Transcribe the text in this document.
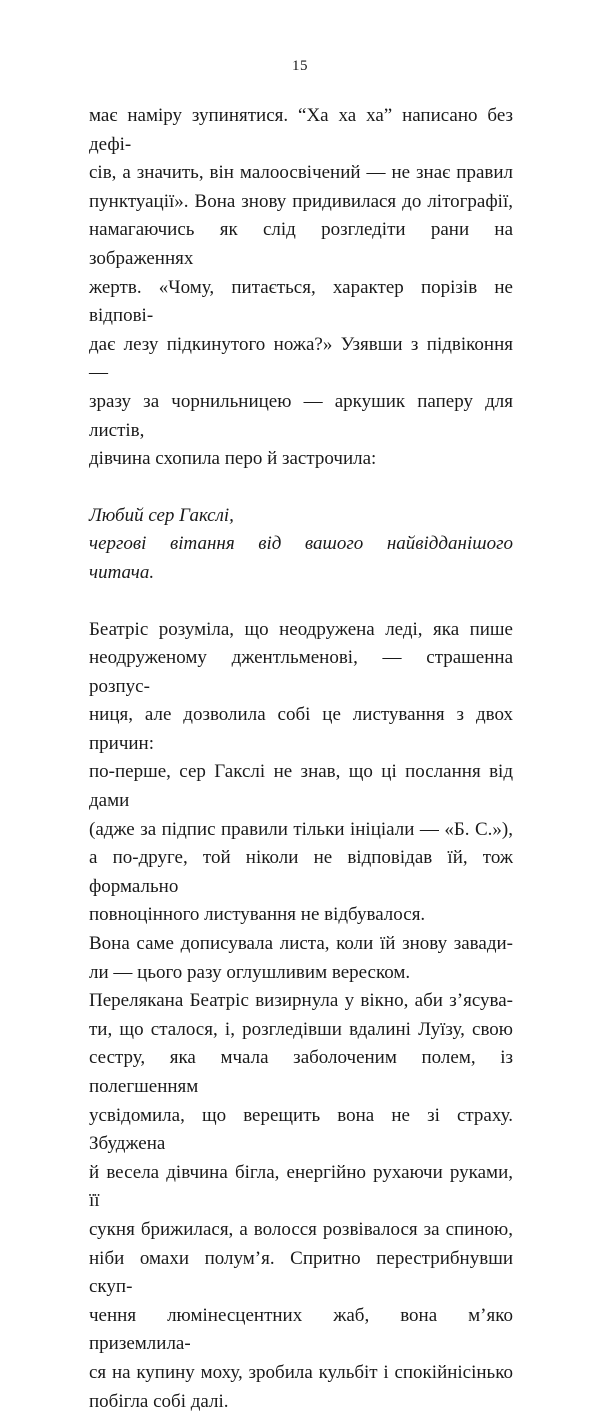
15
має наміру зупинятися. “Ха ха ха” написано без дефі-
сів, а значить, він малоосвічений — не знає правил
пунктуації». Вона знову придивилася до літографії,
намагаючись як слід розгледіти рани на зображеннях
жертв. «Чому, питається, характер порізів не відпові-
дає лезу підкинутого ножа?» Узявши з підвіконня —
зразу за чорнильницею — аркушик паперу для листів,
дівчина схопила перо й застрочила:
Любий сер Гакслі,
чергові вітання від вашого найвідданішого
читача.
Беатріс розуміла, що неодружена леді, яка пише
неодруженому джентльменові, — страшенна розпус-
ниця, але дозволила собі це листування з двох причин:
по-перше, сер Гакслі не знав, що ці послання від дами
(адже за підпис правили тільки ініціали — «Б. С.»),
а по-друге, той ніколи не відповідав їй, тож формально
повноцінного листування не відбувалося.
Вона саме дописувала листа, коли їй знову завади-
ли — цього разу оглушливим вереском.
Перелякана Беатріс визирнула у вікно, аби з’ясува-
ти, що сталося, і, розгледівши вдалині Луїзу, свою
сестру, яка мчала заболоченим полем, із полегшенням
усвідомила, що верещить вона не зі страху. Збуджена
й весела дівчина бігла, енергійно рухаючи руками, її
сукня брижилася, а волосся розвівалося за спиною,
ніби омахи полум’я. Спритно перестрибнувши скуп-
чення люмінесцентних жаб, вона м’яко приземлила-
ся на купину моху, зробила кульбіт і спокійнісінько
побігла собі далі.
